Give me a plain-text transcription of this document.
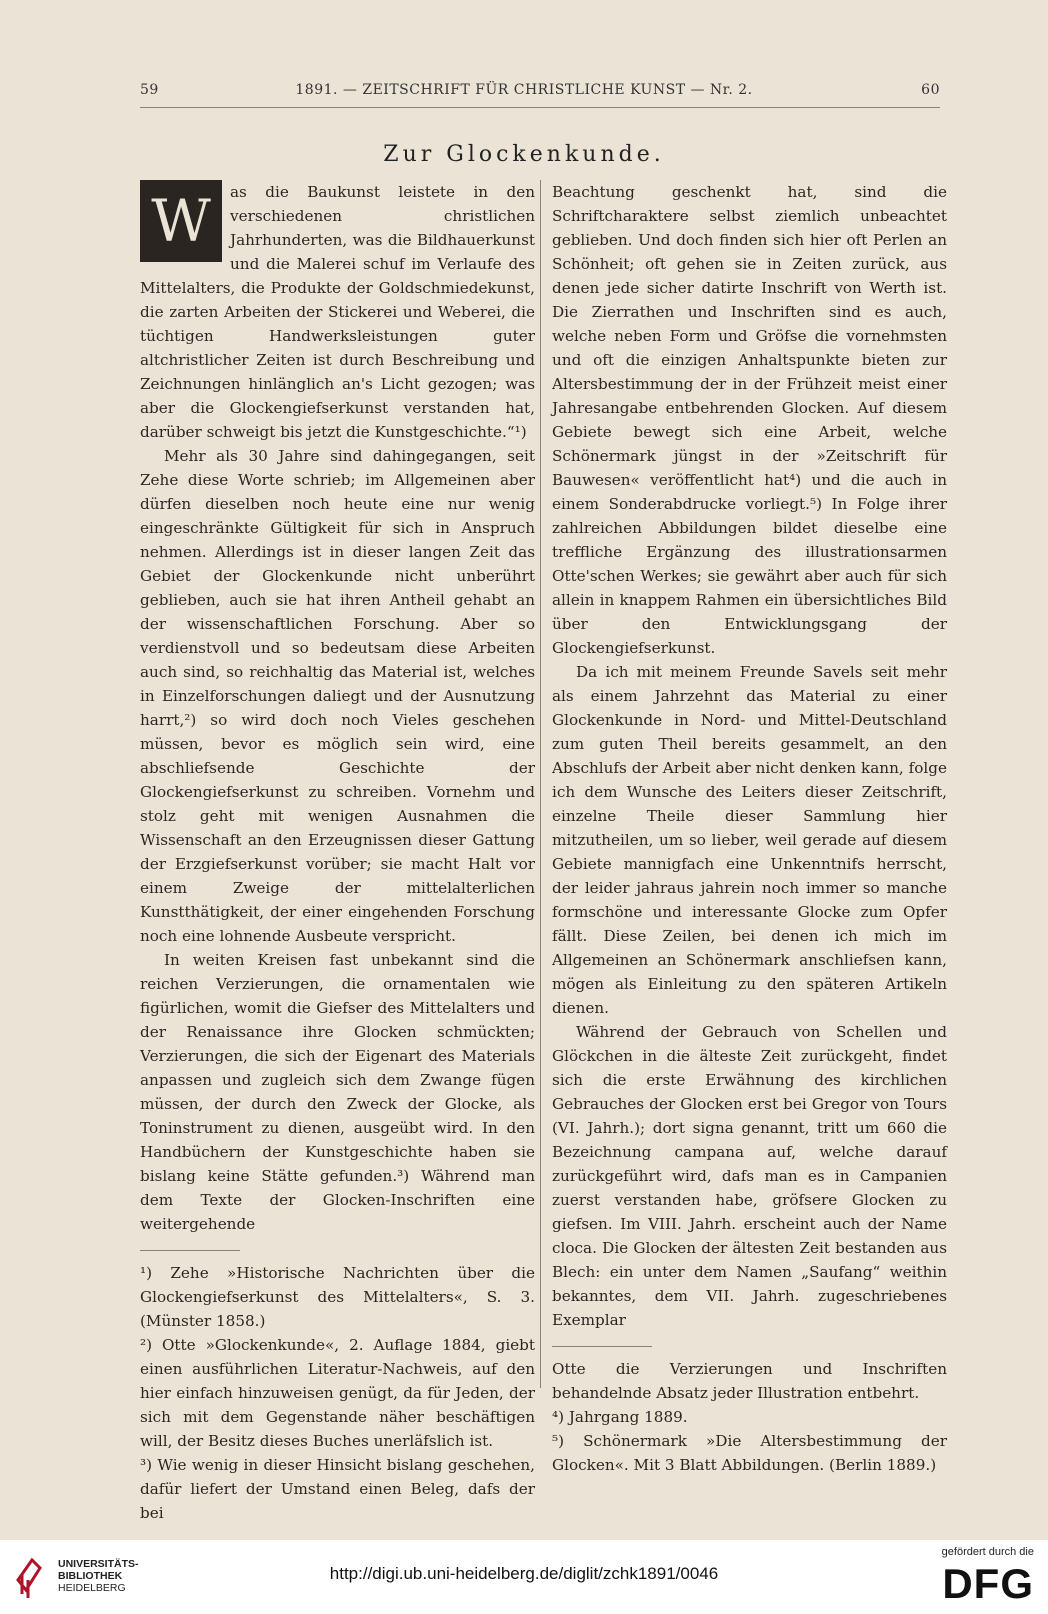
59	1891. — ZEITSCHRIFT FÜR CHRISTLICHE KUNST — Nr. 2.	60
Zur Glockenkunde.
W	as die Baukunst leistete in den verschiedenen christlichen Jahrhunderten, was die Bildhauerkunst und die Malerei schuf im Verlaufe des Mittelalters, die Produkte der Goldschmiedekunst, die zarten Arbeiten der Stickerei und Weberei, die tüchtigen Handwerksleistungen guter altchristlicher Zeiten ist durch Beschreibung und Zeichnungen hinlänglich an's Licht gezogen; was aber die Glockengiefserkunst verstanden hat, darüber schweigt bis jetzt die Kunstgeschichte.“¹)

Mehr als 30 Jahre sind dahingegangen, seit Zehe diese Worte schrieb; im Allgemeinen aber dürfen dieselben noch heute eine nur wenig eingeschränkte Gültigkeit für sich in Anspruch nehmen. Allerdings ist in dieser langen Zeit das Gebiet der Glockenkunde nicht unberührt geblieben, auch sie hat ihren Antheil gehabt an der wissenschaftlichen Forschung. Aber so verdienstvoll und so bedeutsam diese Arbeiten auch sind, so reichhaltig das Material ist, welches in Einzelforschungen daliegt und der Ausnutzung harrt,²) so wird doch noch Vieles geschehen müssen, bevor es möglich sein wird, eine abschliefsende Geschichte der Glockengiefserkunst zu schreiben. Vornehm und stolz geht mit wenigen Ausnahmen die Wissenschaft an den Erzeugnissen dieser Gattung der Erzgiefserkunst vorüber; sie macht Halt vor einem Zweige der mittelalterlichen Kunstthätigkeit, der einer eingehenden Forschung noch eine lohnende Ausbeute verspricht.

In weiten Kreisen fast unbekannt sind die reichen Verzierungen, die ornamentalen wie figürlichen, womit die Giefser des Mittelalters und der Renaissance ihre Glocken schmückten; Verzierungen, die sich der Eigenart des Materials anpassen und zugleich sich dem Zwange fügen müssen, der durch den Zweck der Glocke, als Toninstrument zu dienen, ausgeübt wird. In den Handbüchern der Kunstgeschichte haben sie bislang keine Stätte gefunden.³) Während man dem Texte der Glocken-Inschriften eine weitergehende

¹) Zehe »Historische Nachrichten über die Glockengiefserkunst des Mittelalters«, S. 3. (Münster 1858.)

²) Otte »Glockenkunde«, 2. Auflage 1884, giebt einen ausführlichen Literatur-Nachweis, auf den hier einfach hinzuweisen genügt, da für Jeden, der sich mit dem Gegenstande näher beschäftigen will, der Besitz dieses Buches unerläfslich ist.

³) Wie wenig in dieser Hinsicht bislang geschehen, dafür liefert der Umstand einen Beleg, dafs der bei

Beachtung geschenkt hat, sind die Schriftcharaktere selbst ziemlich unbeachtet geblieben. Und doch finden sich hier oft Perlen an Schönheit; oft gehen sie in Zeiten zurück, aus denen jede sicher datirte Inschrift von Werth ist. Die Zierrathen und Inschriften sind es auch, welche neben Form und Gröfse die vornehmsten und oft die einzigen Anhaltspunkte bieten zur Altersbestimmung der in der Frühzeit meist einer Jahresangabe entbehrenden Glocken. Auf diesem Gebiete bewegt sich eine Arbeit, welche Schönermark jüngst in der »Zeitschrift für Bauwesen« veröffentlicht hat⁴) und die auch in einem Sonderabdrucke vorliegt.⁵) In Folge ihrer zahlreichen Abbildungen bildet dieselbe eine treffliche Ergänzung des illustrationsarmen Otte'schen Werkes; sie gewährt aber auch für sich allein in knappem Rahmen ein übersichtliches Bild über den Entwicklungsgang der Glockengiefserkunst.

Da ich mit meinem Freunde Savels seit mehr als einem Jahrzehnt das Material zu einer Glockenkunde in Nord- und Mittel-Deutschland zum guten Theil bereits gesammelt, an den Abschlufs der Arbeit aber nicht denken kann, folge ich dem Wunsche des Leiters dieser Zeitschrift, einzelne Theile dieser Sammlung hier mitzutheilen, um so lieber, weil gerade auf diesem Gebiete mannigfach eine Unkenntnifs herrscht, der leider jahraus jahrein noch immer so manche formschöne und interessante Glocke zum Opfer fällt. Diese Zeilen, bei denen ich mich im Allgemeinen an Schönermark anschliefsen kann, mögen als Einleitung zu den späteren Artikeln dienen.

Während der Gebrauch von Schellen und Glöckchen in die älteste Zeit zurückgeht, findet sich die erste Erwähnung des kirchlichen Gebrauches der Glocken erst bei Gregor von Tours (VI. Jahrh.); dort signa genannt, tritt um 660 die Bezeichnung campana auf, welche darauf zurückgeführt wird, dafs man es in Campanien zuerst verstanden habe, gröfsere Glocken zu giefsen. Im VIII. Jahrh. erscheint auch der Name cloca. Die Glocken der ältesten Zeit bestanden aus Blech: ein unter dem Namen „Saufang“ weithin bekanntes, dem VII. Jahrh. zugeschriebenes Exemplar

Otte die Verzierungen und Inschriften behandelnde Absatz jeder Illustration entbehrt.

⁴) Jahrgang 1889.

⁵) Schönermark »Die Altersbestimmung der Glocken«. Mit 3 Blatt Abbildungen. (Berlin 1889.)

UNIVERSITÄTS-
BIBLIOTHEK
HEIDELBERG
http://digi.ub.uni-heidelberg.de/diglit/zchk1891/0046
gefördert durch die
DFG
